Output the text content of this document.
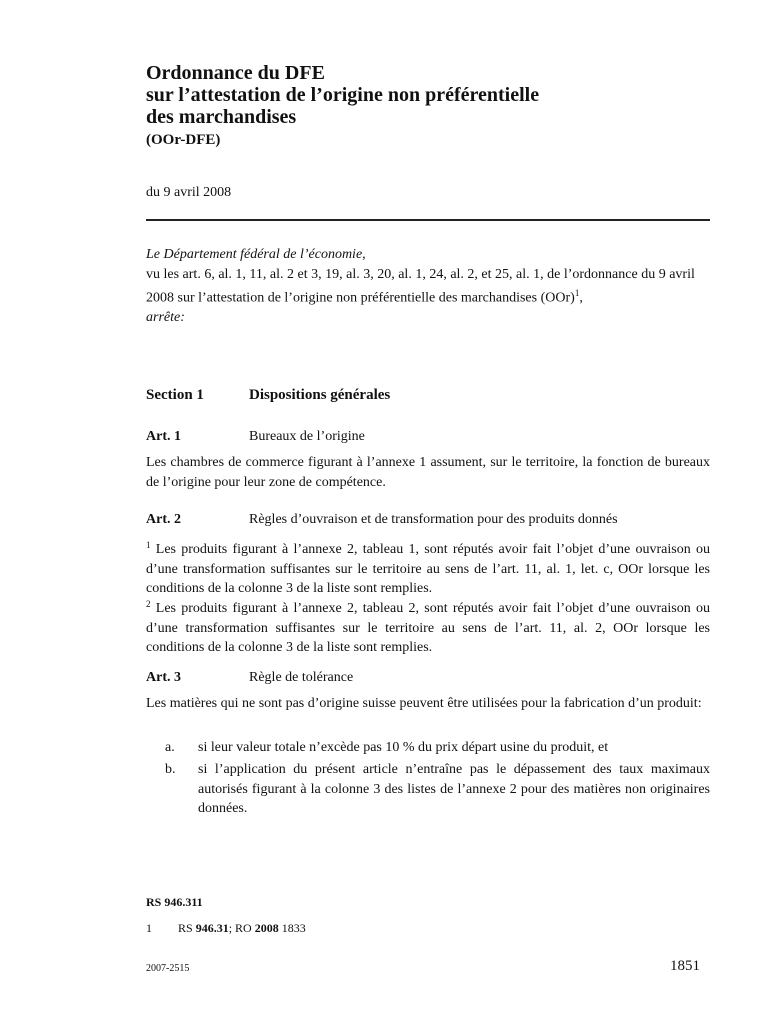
Ordonnance du DFE
sur l’attestation de l’origine non préférentielle
des marchandises
(OOr-DFE)
du 9 avril 2008
Le Département fédéral de l’économie,
vu les art. 6, al. 1, 11, al. 2 et 3, 19, al. 3, 20, al. 1, 24, al. 2, et 25, al. 1, de l’ordonnance du 9 avril 2008 sur l’attestation de l’origine non préférentielle des marchandises (OOr)$^1$,
arrête:
Section 1	Dispositions générales
Art. 1	Bureaux de l’origine
Les chambres de commerce figurant à l’annexe 1 assument, sur le territoire, la fonction de bureaux de l’origine pour leur zone de compétence.
Art. 2	Règles d’ouvraison et de transformation pour des produits donnés
$^1$ Les produits figurant à l’annexe 2, tableau 1, sont réputés avoir fait l’objet d’une ouvraison ou d’une transformation suffisantes sur le territoire au sens de l’art. 11, al. 1, let. c, OOr lorsque les conditions de la colonne 3 de la liste sont remplies.
$^2$ Les produits figurant à l’annexe 2, tableau 2, sont réputés avoir fait l’objet d’une ouvraison ou d’une transformation suffisantes sur le territoire au sens de l’art. 11, al. 2, OOr lorsque les conditions de la colonne 3 de la liste sont remplies.
Art. 3	Règle de tolérance
Les matières qui ne sont pas d’origine suisse peuvent être utilisées pour la fabrication d’un produit:
a. si leur valeur totale n’excède pas 10 % du prix départ usine du produit, et
b. si l’application du présent article n’entraîne pas le dépassement des taux maximaux autorisés figurant à la colonne 3 des listes de l’annexe 2 pour des matières non originaires données.
RS 946.311
1 RS 946.31; RO 2008 1833
2007-2515	1851
